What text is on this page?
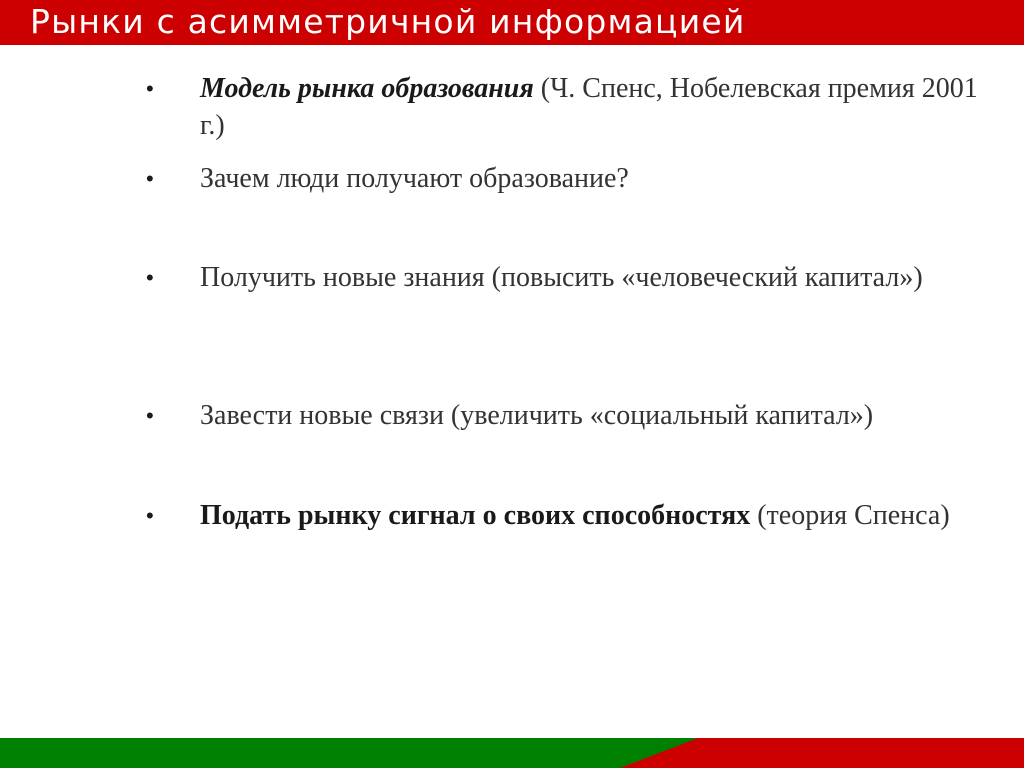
Рынки с асимметричной информацией
• Модель рынка образования (Ч. Спенс, Нобелевская премия 2001 г.)
• Зачем люди получают образование?
• Получить новые знания (повысить «человеческий капитал»)
• Завести новые связи (увеличить «социальный капитал»)
• Подать рынку сигнал о своих способностях (теория Спенса)
